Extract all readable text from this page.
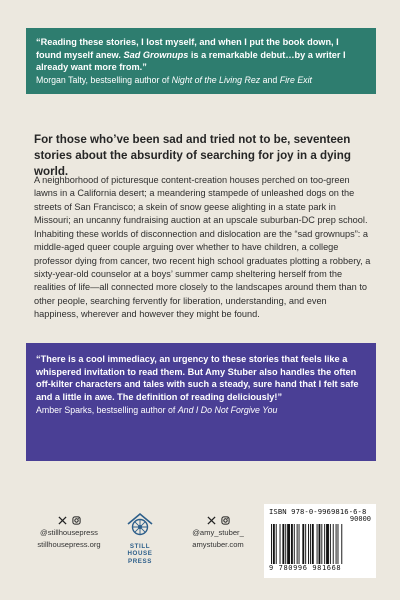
“Reading these stories, I lost myself, and when I put the book down, I found myself anew. Sad Grownups is a remarkable debut…by a writer I already want more from.”

Morgan Talty, bestselling author of Night of the Living Rez and Fire Exit

For those who’ve been sad and tried not to be, seventeen stories about the absurdity of searching for joy in a dying world.

A neighborhood of picturesque content-creation houses perched on too-green lawns in a California desert; a meandering stampede of unleashed dogs on the streets of San Francisco; a skein of snow geese alighting in a state park in Missouri; an uncanny fundraising auction at an upscale suburban-DC prep school. Inhabiting these worlds of disconnection and dislocation are the “sad grownups”: a middle-aged queer couple arguing over whether to have children, a college professor dying from cancer, two recent high school graduates plotting a robbery, a sixty-year-old counselor at a boys’ summer camp sheltering herself from the realities of life—all connected more closely to the landscapes around them than to other people, searching fervently for liberation, understanding, and even happiness, wherever and however they might be found.

“There is a cool immediacy, an urgency to these stories that feels like a whispered invitation to read them. But Amy Stuber also handles the often off-kilter characters and tales with such a steady, sure hand that I felt safe and a little in awe. The definition of reading deliciously!”

Amber Sparks, bestselling author of And I Do Not Forgive You

@stillhousepress
stillhousepress.org	STILL
HOUSE
PRESS
@amy_stuber_
amystuber.com
ISBN 978-0-9969816-6-8
90000
9 780996 981668
